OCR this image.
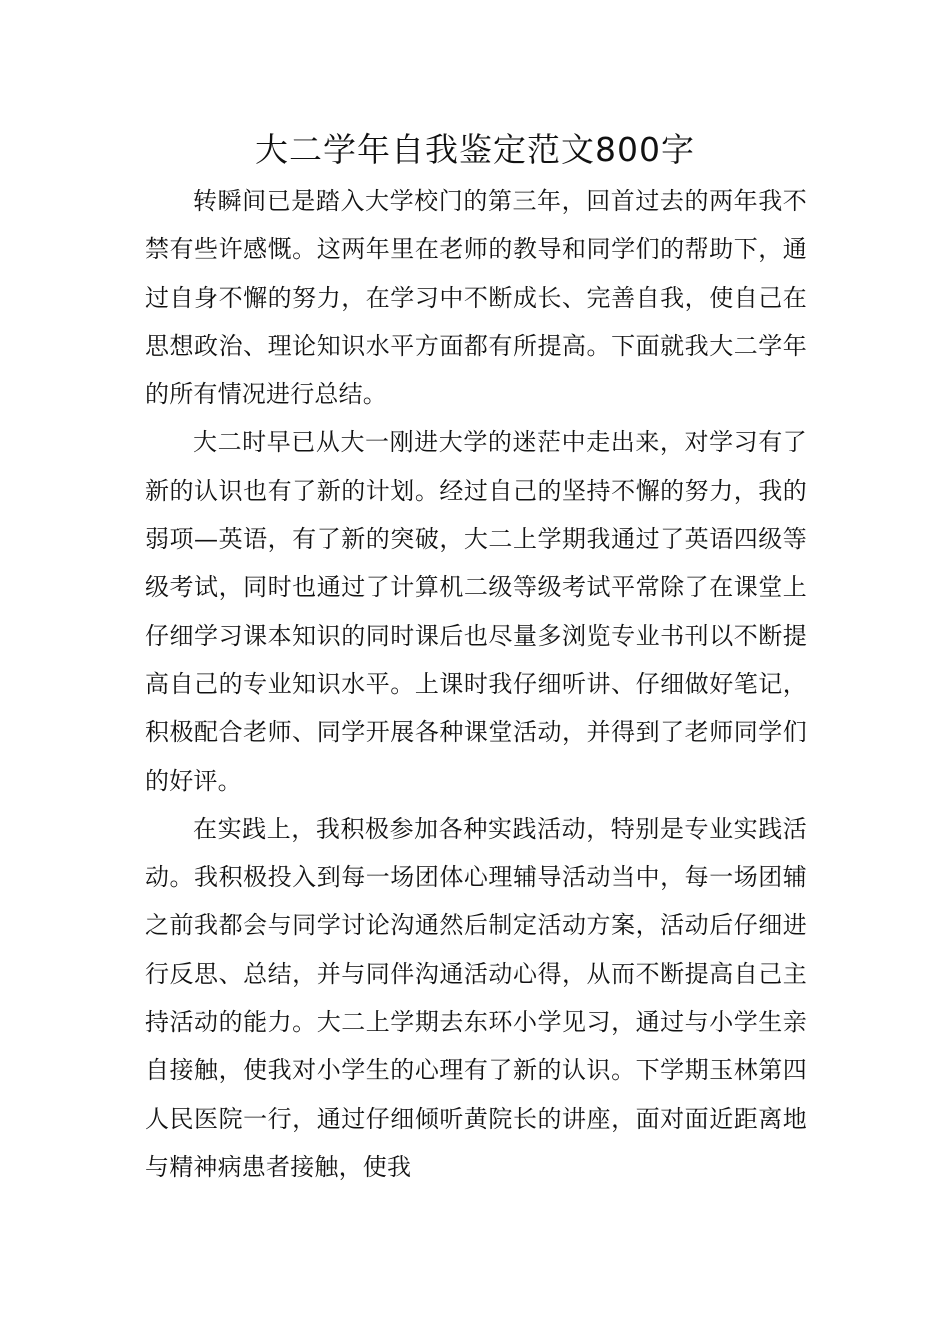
大二学年自我鉴定范文800字

转瞬间已是踏入大学校门的第三年，回首过去的两年我不禁有些许感慨。这两年里在老师的教导和同学们的帮助下，通过自身不懈的努力，在学习中不断成长、完善自我，使自己在思想政治、理论知识水平方面都有所提高。下面就我大二学年的所有情况进行总结。

大二时早已从大一刚进大学的迷茫中走出来，对学习有了新的认识也有了新的计划。经过自己的坚持不懈的努力，我的弱项—英语，有了新的突破，大二上学期我通过了英语四级等级考试，同时也通过了计算机二级等级考试平常除了在课堂上仔细学习课本知识的同时课后也尽量多浏览专业书刊以不断提高自己的专业知识水平。上课时我仔细听讲、仔细做好笔记，积极配合老师、同学开展各种课堂活动，并得到了老师同学们的好评。

在实践上，我积极参加各种实践活动，特别是专业实践活动。我积极投入到每一场团体心理辅导活动当中，每一场团辅之前我都会与同学讨论沟通然后制定活动方案，活动后仔细进行反思、总结，并与同伴沟通活动心得，从而不断提高自己主持活动的能力。大二上学期去东环小学见习，通过与小学生亲自接触，使我对小学生的心理有了新的认识。下学期玉林第四人民医院一行，通过仔细倾听黄院长的讲座，面对面近距离地与精神病患者接触，使我
